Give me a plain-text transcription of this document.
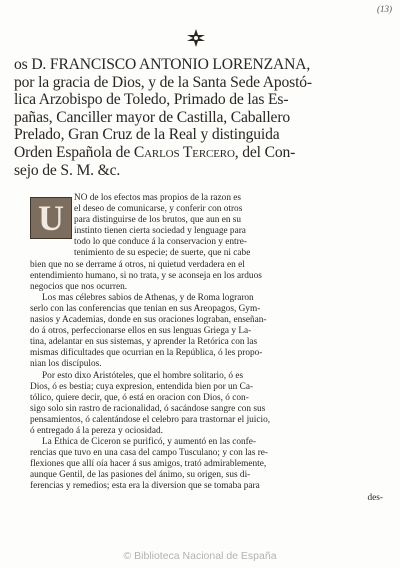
(13)
os D. FRANCISCO ANTONIO LORENZANA,
por la gracia de Dios, y de la Santa Sede Apostó-
lica Arzobispo de Toledo, Primado de las Es-
pañas, Canciller mayor de Castilla, Caballero
Prelado, Gran Cruz de la Real y distinguida
Orden Española de Carlos Tercero, del Con-
sejo de S. M. &c.
U	NO de los efectos mas propios de la razon es
el deseo de comunicarse, y conferir con otros
para distinguirse de los brutos, que aun en su
instinto tienen cierta sociedad y lenguage para
todo lo que conduce á la conservacion y entre-
tenimiento de su especie; de suerte, que ni cabe
bien que no se derrame á otros, ni quietud verdadera en el
entendimiento humano, si no trata, y se aconseja en los arduos
negocios que nos ocurren.
Los mas célebres sabios de Athenas, y de Roma lograron
serlo con las conferencias que tenian en sus Areopagos, Gym-
nasios y Academias, donde en sus oraciones lograban, enseñan-
do á otros, perfeccionarse ellos en sus lenguas Griega y La-
tina, adelantar en sus sistemas, y aprender la Retórica con las
mismas dificultades que ocurrian en la República, ó les propo-
nian los discípulos.
Por esto dixo Aristóteles, que el hombre solitario, ó es
Dios, ó es bestia; cuya expresion, entendida bien por un Ca-
tólico, quiere decir, que, ó está en oracion con Dios, ó con-
sigo solo sin rastro de racionalidad, ó sacándose sangre con sus
pensamientos, ó calentándose el celebro para trastornar el juicio,
ó entregado á la pereza y ociosidad.
La Ethica de Ciceron se purificó, y aumentó en las confe-
rencias que tuvo en una casa del campo Tusculano; y con las re-
flexiones que allí oía hacer á sus amigos, trató admirablemente,
aunque Gentil, de las pasiones del ánimo, su origen, sus di-
ferencias y remedios; esta era la diversion que se tomaba para
des-
© Biblioteca Nacional de España
